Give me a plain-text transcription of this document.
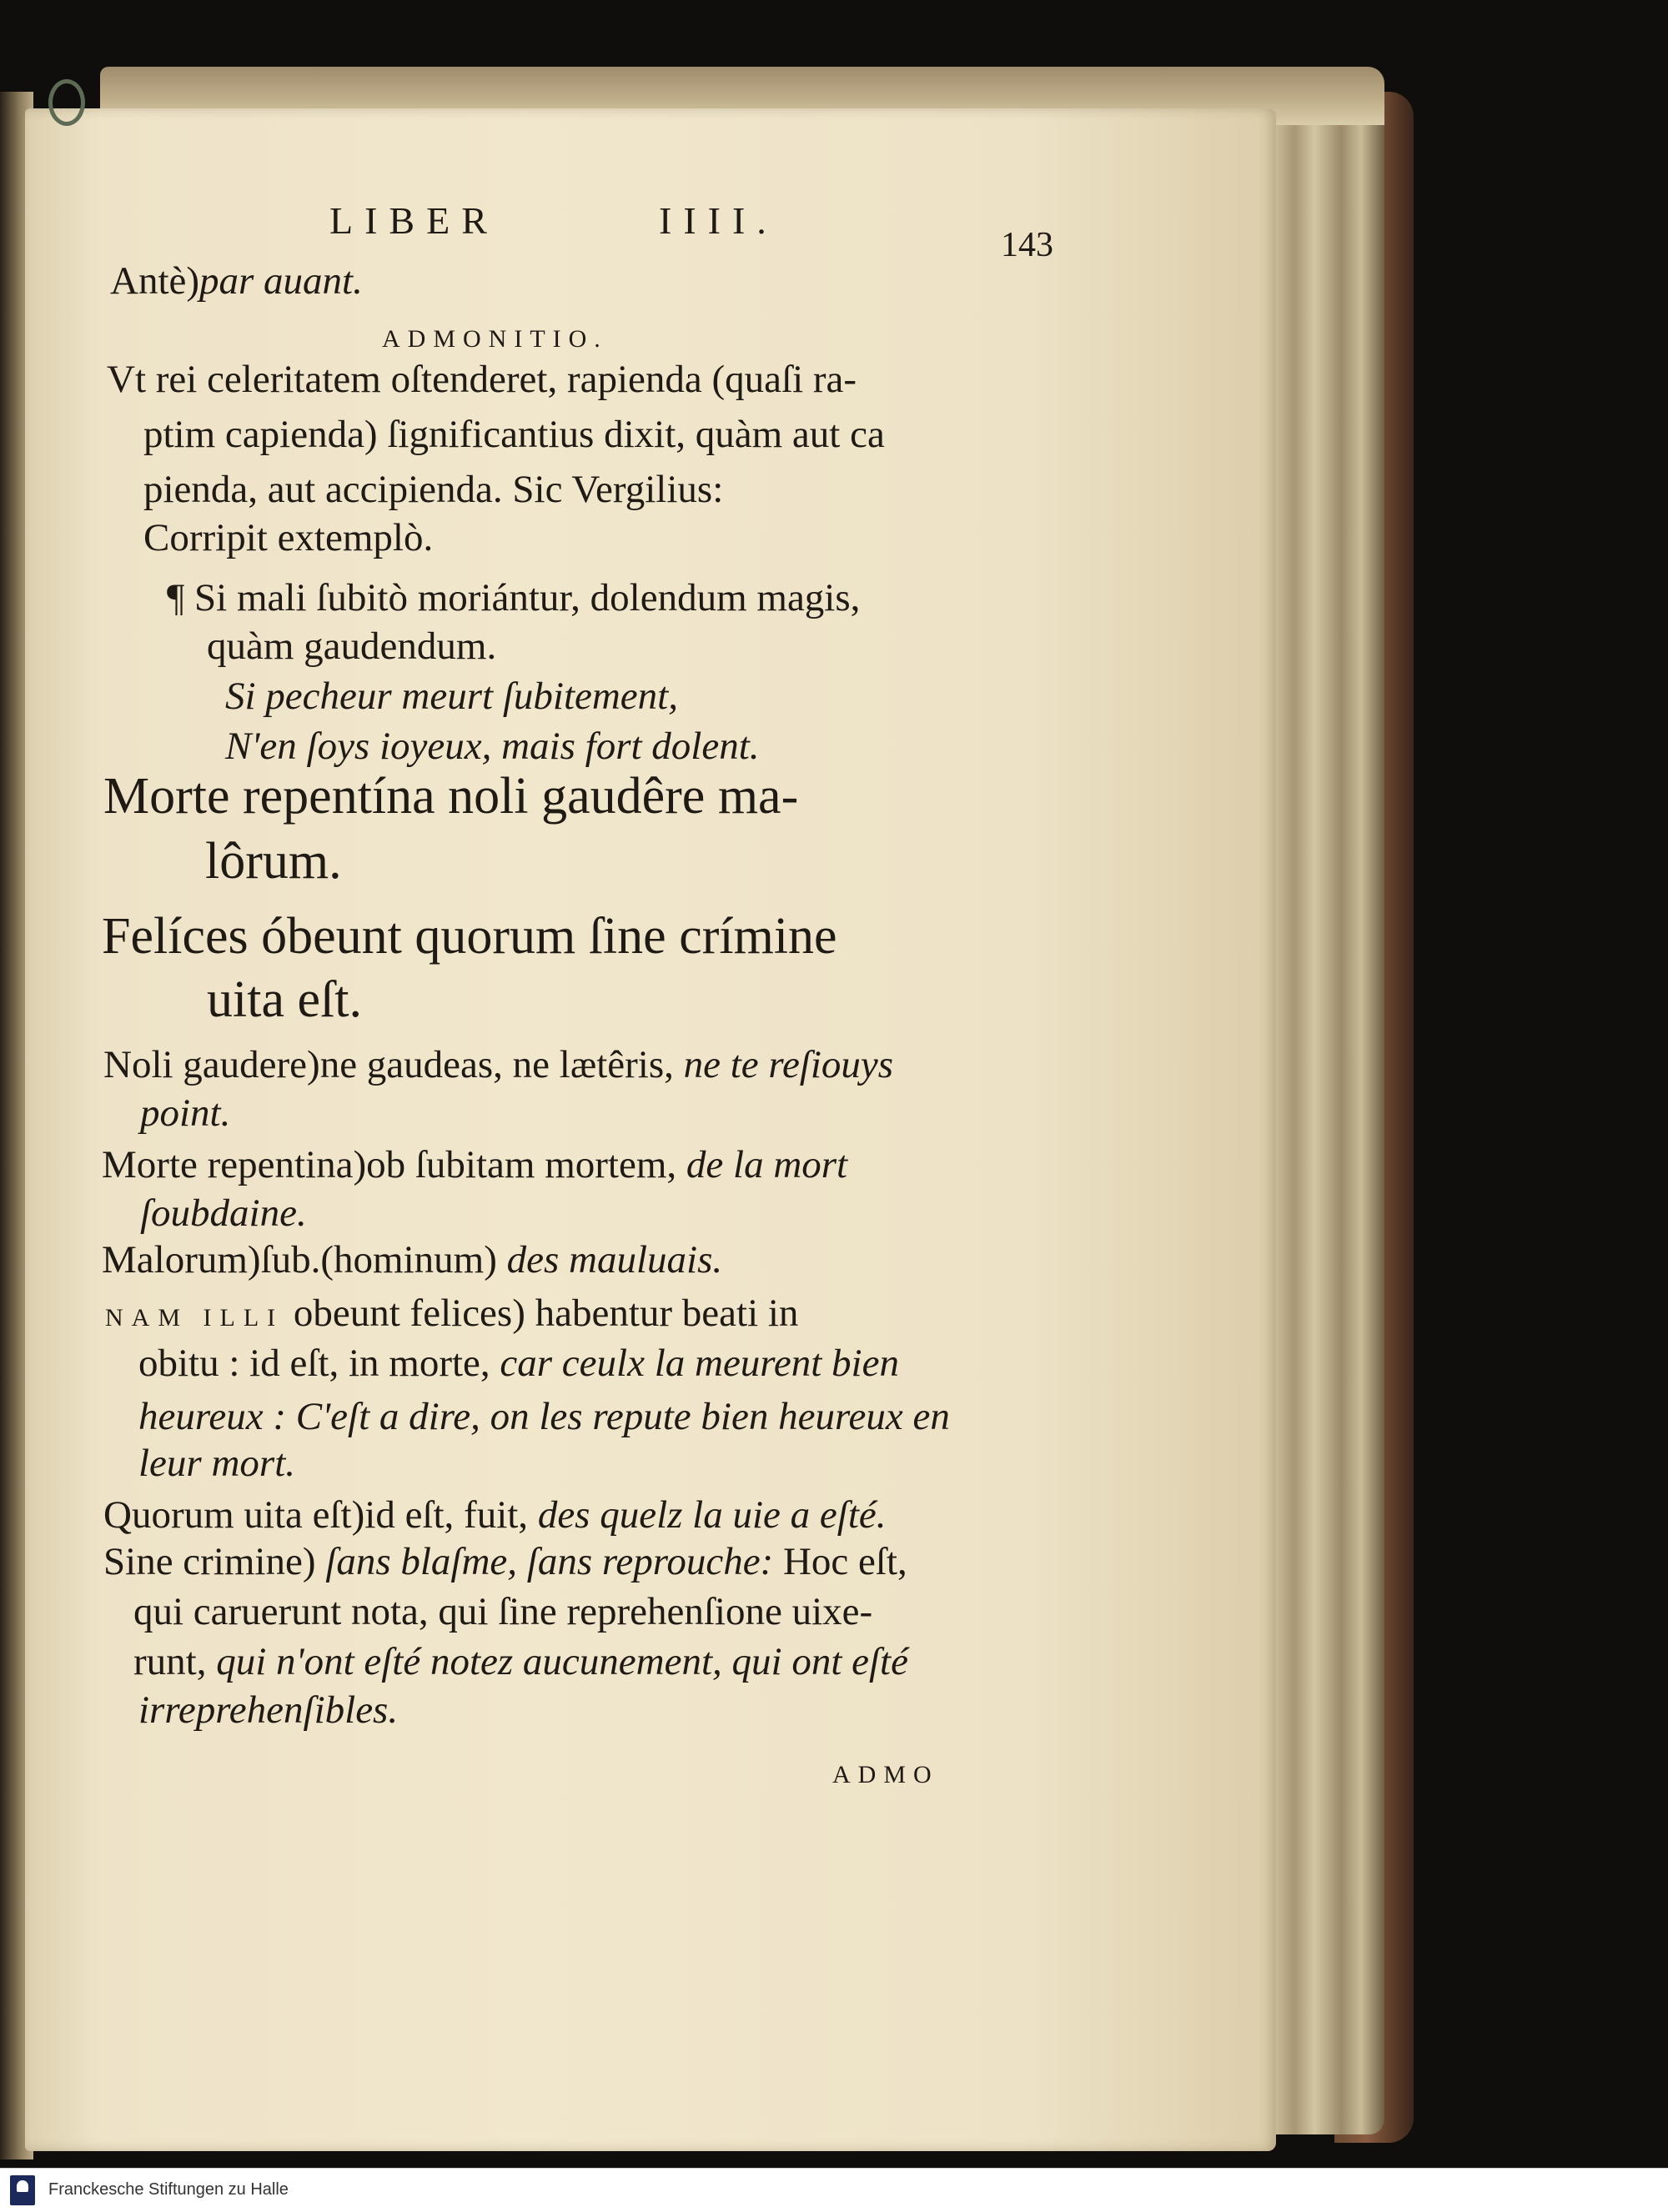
LIBER	IIII.
143
Antè)par auant.
ADMONITIO.
Vt rei celeritatem oſtenderet, rapienda (quaſi ra-
ptim capienda) ſignificantius dixit, quàm aut ca
pienda, aut accipienda. Sic Vergilius:
Corripit extemplò.
¶ Si mali ſubitò moriántur, dolendum magis,
quàm gaudendum.
Si pecheur meurt ſubitement,
N'en ſoys ioyeux, mais fort dolent.
Morte repentína noli gaudêre ma-
lôrum.
Felíces óbeunt quorum ſine crímine
uita eſt.
Noli gaudere)ne gaudeas, ne lætêris, ne te reſiouys
point.
Morte repentina)ob ſubitam mortem, de la mort
ſoubdaine.
Malorum)ſub.(hominum) des mauluais.
NAM ILLI obeunt felices) habentur beati in
obitu : id eſt, in morte, car ceulx la meurent bien
heureux : C'eſt a dire, on les repute bien heureux en
leur mort.
Quorum uita eſt)id eſt, fuit, des quelz la uie a eſté.
Sine crimine) ſans blaſme, ſans reprouche: Hoc eſt,
qui caruerunt nota, qui ſine reprehenſione uixe-
runt, qui n'ont eſté notez aucunement, qui ont eſté
irreprehenſibles.
ADMO
Franckesche Stiftungen zu Halle
